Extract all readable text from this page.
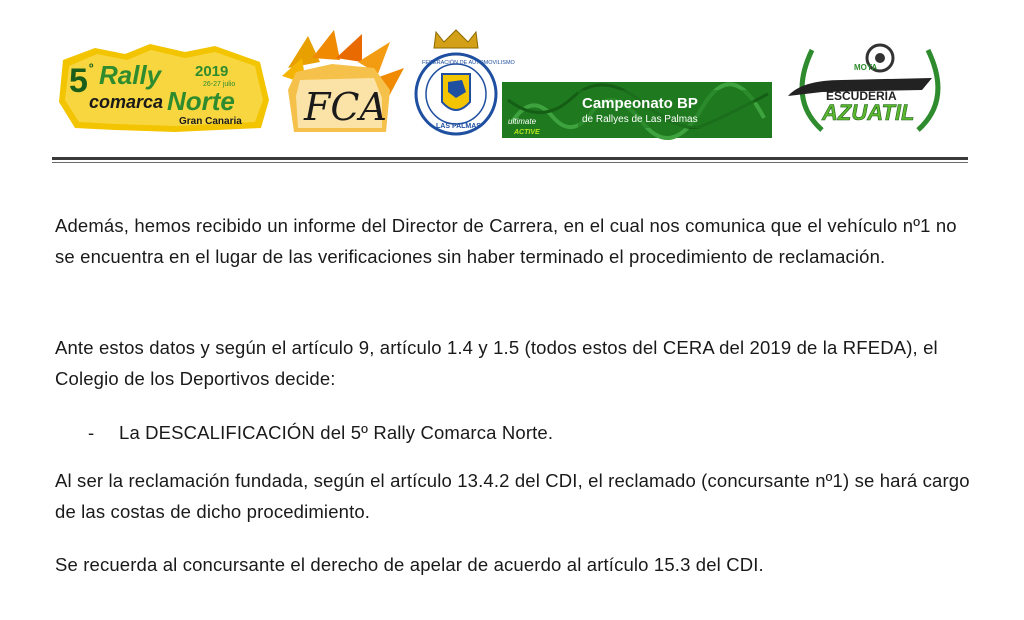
5 º Rally 2019
26-27 julio
comarca Norte
Gran Canaria FCA
FEDERACIÓN DE AUTOMOVILISMO
LAS PALMAS
Campeonato BP
de Rallyes de Las Palmas
ultimate
ACTIVE
MOYA
ESCUDERÍA
AZUATIL

Además, hemos recibido un informe del Director de Carrera, en el cual nos comunica que el vehículo nº1 no se encuentra en el lugar de las verificaciones sin haber terminado el procedimiento de reclamación.

Ante estos datos y según el artículo 9, artículo 1.4 y 1.5 (todos estos del CERA del 2019 de la RFEDA), el Colegio de los Deportivos decide:

- La DESCALIFICACIÓN del 5º Rally Comarca Norte.

Al ser la reclamación fundada, según el artículo 13.4.2 del CDI, el reclamado (concursante nº1) se hará cargo de las costas de dicho procedimiento.

Se recuerda al concursante el derecho de apelar de acuerdo al artículo 15.3 del CDI.
